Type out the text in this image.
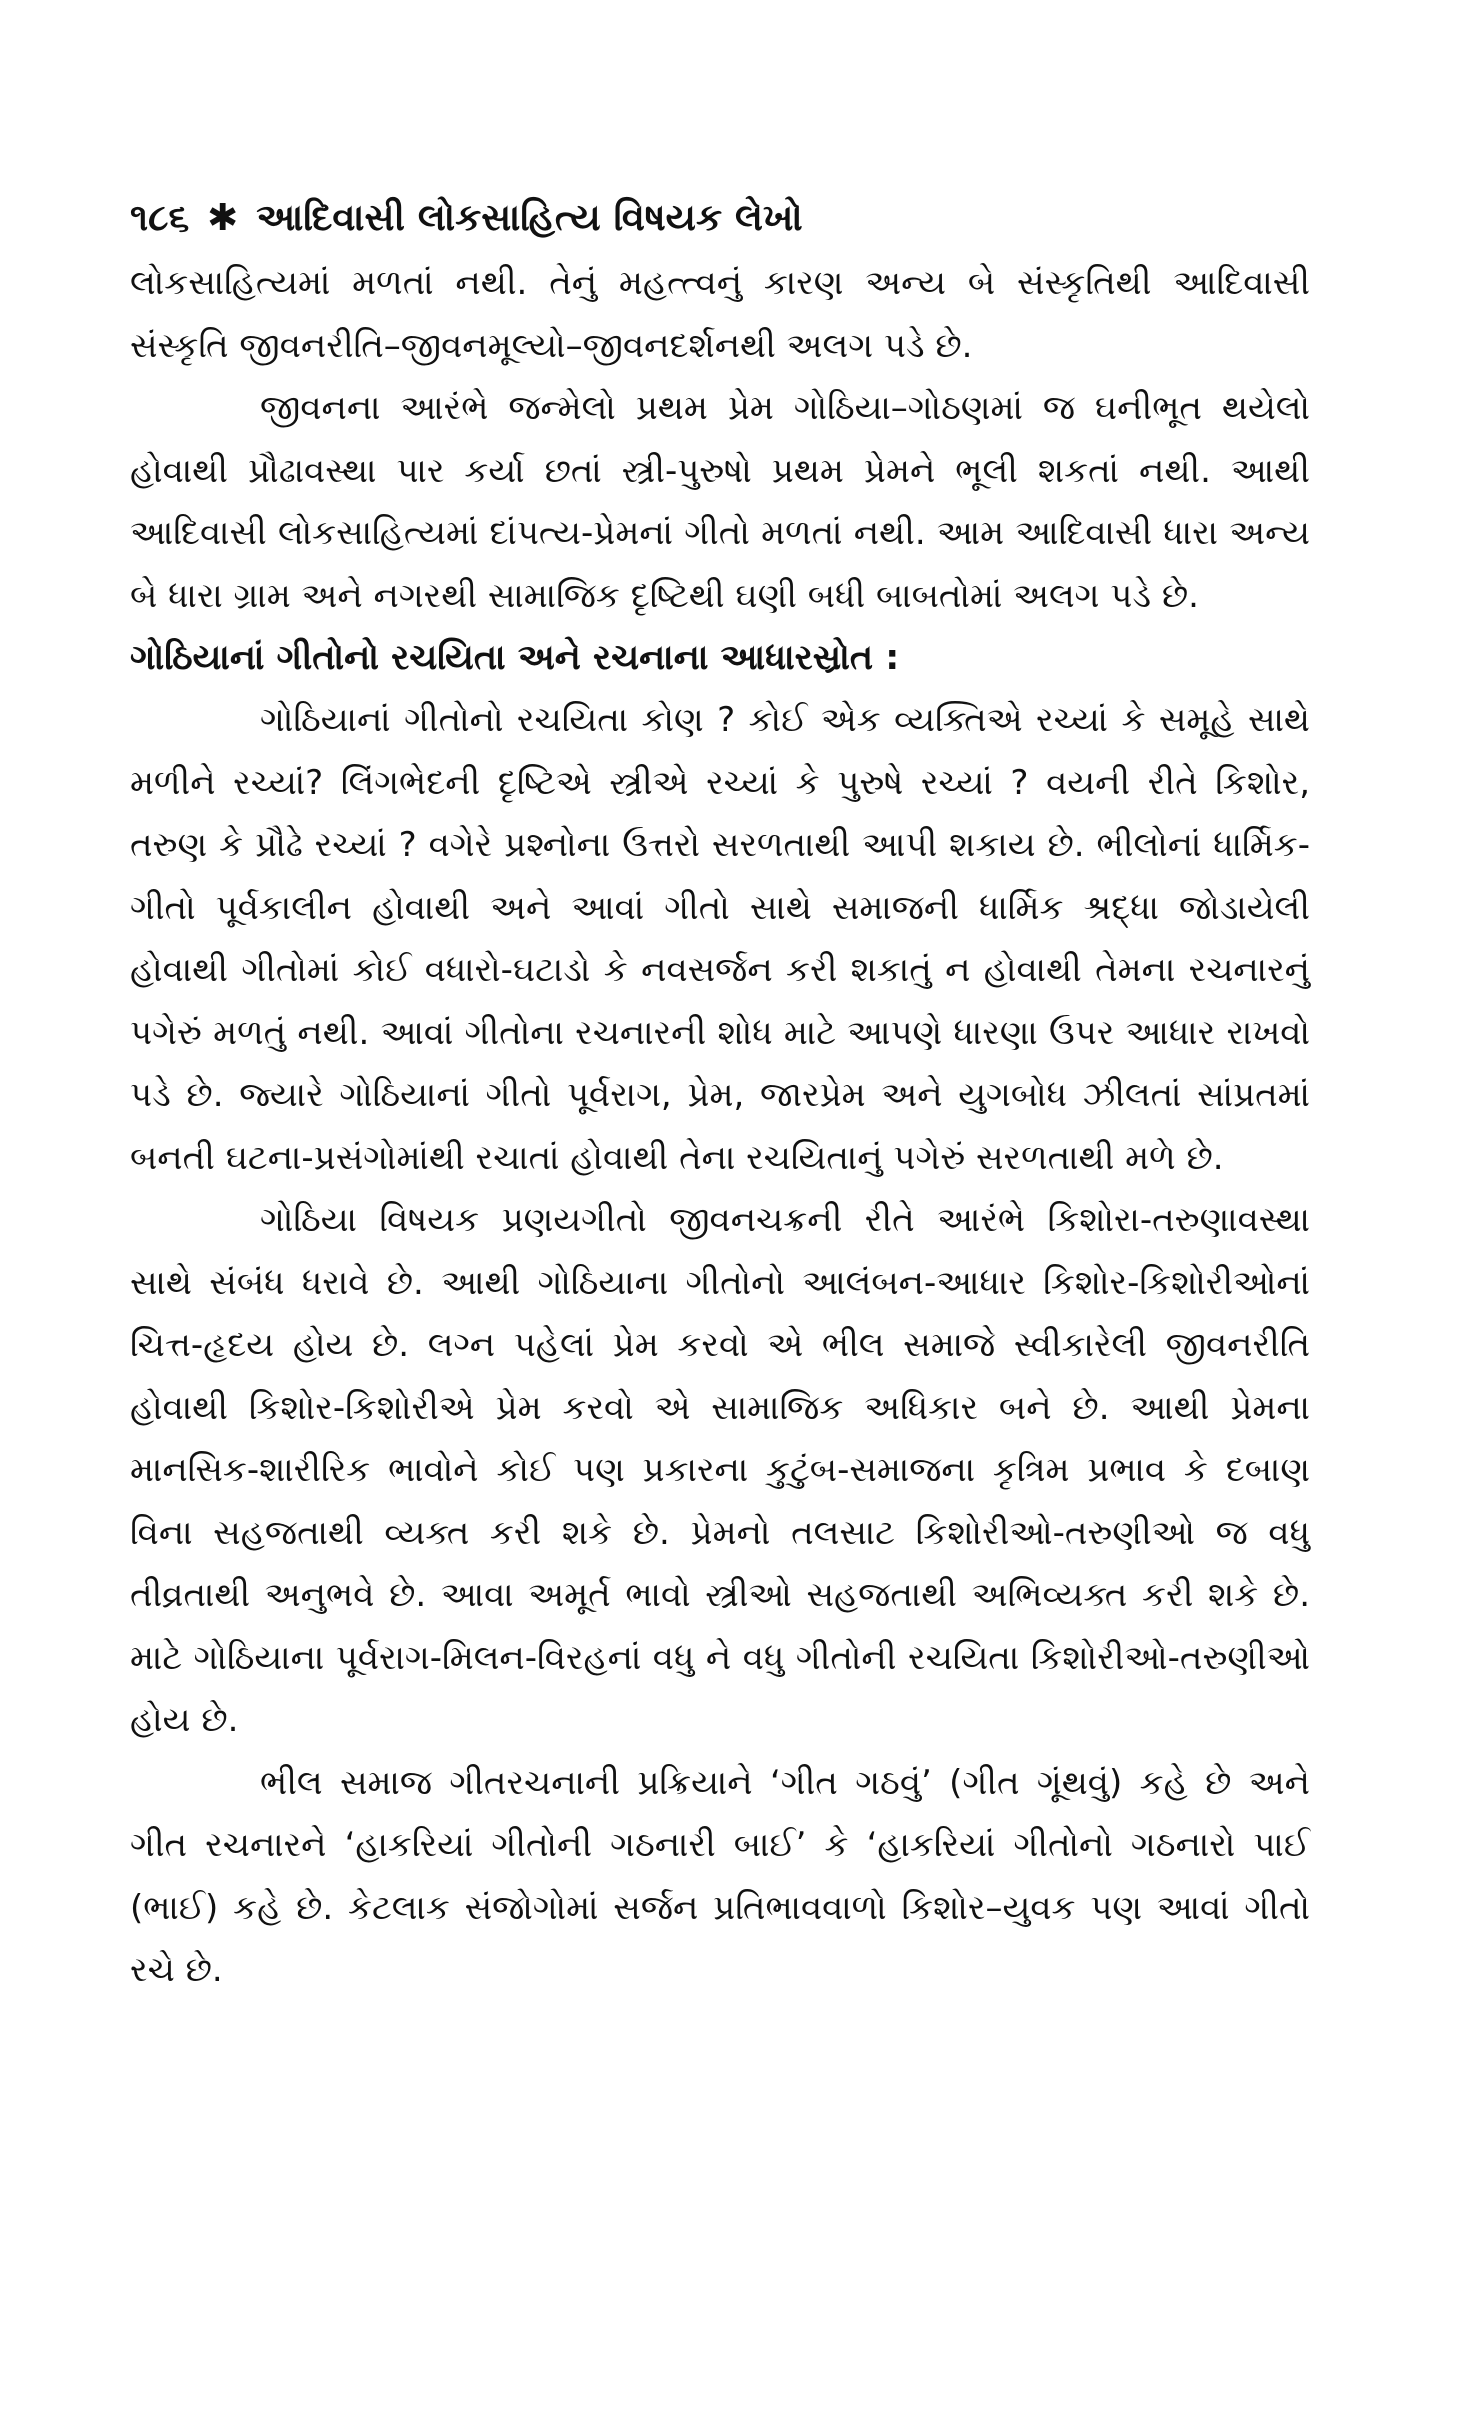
૧૮૬ ✱ આદિવાસી લોકસાહિત્ય વિષયક લેખો

લોકસાહિત્યમાં મળતાં નથી. તેનું મહત્ત્વનું કારણ અન્ય બે સંસ્કૃતિથી આદિવાસી સંસ્કૃતિ જીવનરીતિ–જીવનમૂલ્યો–જીવનદર્શનથી અલગ પડે છે.

જીવનના આરંભે જન્મેલો પ્રથમ પ્રેમ ગોઠિયા–ગોઠણમાં જ ઘનીભૂત થયેલો હોવાથી પ્રૌઢાવસ્થા પાર કર્યા છતાં સ્ત્રી-પુરુષો પ્રથમ પ્રેમને ભૂલી શકતાં નથી. આથી આદિવાસી લોકસાહિત્યમાં દાંપત્ય-પ્રેમનાં ગીતો મળતાં નથી. આમ આદિવાસી ધારા અન્ય બે ધારા ગ્રામ અને નગરથી સામાજિક દૃષ્ટિથી ઘણી બધી બાબતોમાં અલગ પડે છે.

ગોઠિયાનાં ગીતોનો રચયિતા અને રચનાના આધારસ્રોત :

ગોઠિયાનાં ગીતોનો રચયિતા કોણ ? કોઈ એક વ્યક્તિએ રચ્યાં કે સમૂહે સાથે મળીને રચ્યાં? લિંગભેદની દૃષ્ટિએ સ્ત્રીએ રચ્યાં કે પુરુષે રચ્યાં ? વયની રીતે કિશોર, તરુણ કે પ્રૌઢે રચ્યાં ? વગેરે પ્રશ્નોના ઉત્તરો સરળતાથી આપી શકાય છે. ભીલોનાં ધાર્મિક-ગીતો પૂર્વકાલીન હોવાથી અને આવાં ગીતો સાથે સમાજની ધાર્મિક શ્રદ્ધા જોડાયેલી હોવાથી ગીતોમાં કોઈ વધારો-ઘટાડો કે નવસર્જન કરી શકાતું ન હોવાથી તેમના રચનારનું પગેરું મળતું નથી. આવાં ગીતોના રચનારની શોધ માટે આપણે ધારણા ઉપર આધાર રાખવો પડે છે. જ્યારે ગોઠિયાનાં ગીતો પૂર્વરાગ, પ્રેમ, જારપ્રેમ અને યુગબોધ ઝીલતાં સાંપ્રતમાં બનતી ઘટના-પ્રસંગોમાંથી રચાતાં હોવાથી તેના રચયિતાનું પગેરું સરળતાથી મળે છે.

ગોઠિયા વિષયક પ્રણયગીતો જીવનચક્રની રીતે આરંભે કિશોરા-તરુણાવસ્થા સાથે સંબંધ ધરાવે છે. આથી ગોઠિયાના ગીતોનો આલંબન-આધાર કિશોર-કિશોરીઓનાં ચિત્ત-હૃદય હોય છે. લગ્ન પહેલાં પ્રેમ કરવો એ ભીલ સમાજે સ્વીકારેલી જીવનરીતિ હોવાથી કિશોર-કિશોરીએ પ્રેમ કરવો એ સામાજિક અધિકાર બને છે. આથી પ્રેમના માનસિક-શારીરિક ભાવોને કોઈ પણ પ્રકારના કુટુંબ-સમાજના કૃત્રિમ પ્રભાવ કે દબાણ વિના સહજતાથી વ્યક્ત કરી શકે છે. પ્રેમનો તલસાટ કિશોરીઓ-તરુણીઓ જ વધુ તીવ્રતાથી અનુભવે છે. આવા અમૂર્ત ભાવો સ્ત્રીઓ સહજતાથી અભિવ્યક્ત કરી શકે છે. માટે ગોઠિયાના પૂર્વરાગ-મિલન-વિરહનાં વધુ ને વધુ ગીતોની રચયિતા કિશોરીઓ-તરુણીઓ હોય છે.

ભીલ સમાજ ગીતરચનાની પ્રક્રિયાને ‘ગીત ગઠવું’ (ગીત ગૂંથવું) કહે છે અને ગીત રચનારને ‘હાકરિયાં ગીતોની ગઠનારી બાઈ’ કે ‘હાકરિયાં ગીતોનો ગઠનારો પાઈ (ભાઈ) કહે છે. કેટલાક સંજોગોમાં સર્જન પ્રતિભાવવાળો કિશોર–યુવક પણ આવાં ગીતો રચે છે.
